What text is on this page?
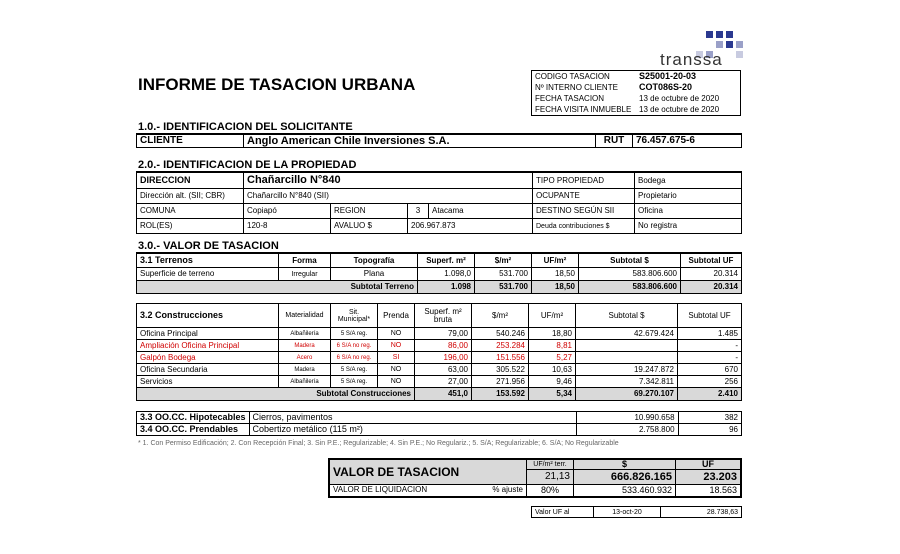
transsa
INFORME DE TASACION URBANA	CODIGO TASACION	S25001-20-03
Nº INTERNO CLIENTE	COT086S-20
FECHA TASACION	13 de octubre de 2020
FECHA VISITA INMUEBLE	13 de octubre de 2020
1.0.- IDENTIFICACION DEL SOLICITANTE
CLIENTE	Anglo American Chile Inversiones S.A.	RUT	76.457.675-6
2.0.- IDENTIFICACION DE LA PROPIEDAD
DIRECCION	Chañarcillo N°840				TIPO PROPIEDAD	Bodega
Dirección alt. (SII; CBR)	Chañarcillo N°840 (SII)				OCUPANTE	Propietario
COMUNA	Copiapó	REGION	3	Atacama	DESTINO SEGÚN SII	Oficina
ROL(ES)	120-8	AVALUO $	206.967.873		Deuda contribuciones $	No registra
3.0.- VALOR DE TASACION
3.1 Terrenos	Forma	Topografía	Superf. m²	$/m²	UF/m²	Subtotal $	Subtotal UF
Superficie de terreno	Irregular	Plana	1.098,0	531.700	18,50	583.806.600	20.314
Subtotal Terreno			1.098	531.700	18,50	583.806.600	20.314
3.2 Construcciones	Materialidad	Sit. Municipal*	Prenda	Superf. m² bruta	$/m²	UF/m²	Subtotal $	Subtotal UF
Oficina Principal	Albañilería	5 S/A reg.	NO	79,00	540.246	18,80	42.679.424	1.485
Ampliación Oficina Principal	Madera	6 S/A no reg.	NO	86,00	253.284	8,81		-
Galpón Bodega	Acero	6 S/A no reg.	SI	196,00	151.556	5,27		-
Oficina Secundaria	Madera	5 S/A reg.	NO	63,00	305.522	10,63	19.247.872	670
Servicios	Albañilería	5 S/A reg.	NO	27,00	271.956	9,46	7.342.811	256
Subtotal Construcciones				451,0	153.592	5,34	69.270.107	2.410
3.3 OO.CC. Hipotecables	Cierros, pavimentos	10.990.658	382
3.4 OO.CC. Prendables	Cobertizo metálico (115 m²)	2.758.800	96
* 1. Con Permiso Edificación; 2. Con Recepción Final; 3. Sin P.E.; Regularizable; 4. Sin P.E.; No Regulariz.; 5. S/A; Regularizable; 6. S/A; No Regularizable
VALOR DE TASACION	UF/m² terr.	$	UF
	21,13	666.826.165	23.203
VALOR DE LIQUIDACION % ajuste	80%	533.460.932	18.563
Valor UF al	13-oct-20	28.738,63
